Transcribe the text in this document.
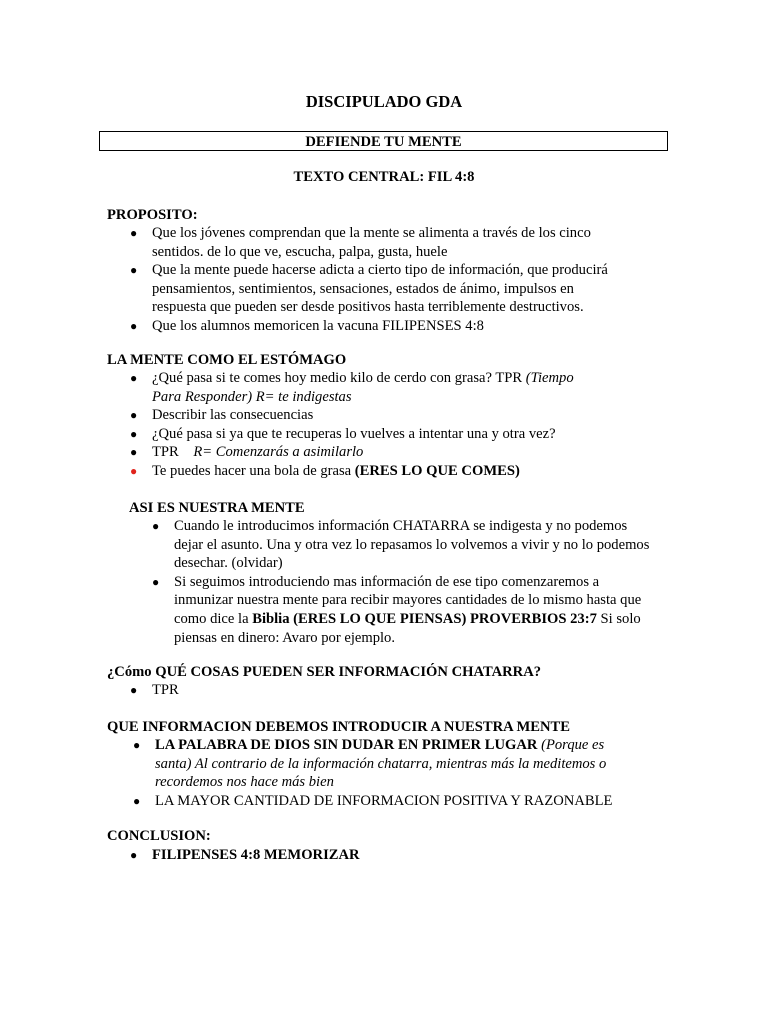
DISCIPULADO GDA
DEFIENDE TU MENTE
TEXTO CENTRAL: FIL 4:8
PROPOSITO:
● Que los jóvenes comprendan que la mente se alimenta a través de los cinco sentidos. de lo que ve, escucha, palpa, gusta, huele
● Que la mente puede hacerse adicta a cierto tipo de información, que producirá pensamientos, sentimientos, sensaciones, estados de ánimo, impulsos en respuesta que pueden ser desde positivos hasta terriblemente destructivos.
● Que los alumnos memoricen la vacuna FILIPENSES 4:8
LA MENTE COMO EL ESTÓMAGO
● ¿Qué pasa si te comes hoy medio kilo de cerdo con grasa? TPR (Tiempo Para Responder) R= te indigestas
● Describir las consecuencias
● ¿Qué pasa si ya que te recuperas lo vuelves a intentar una y otra vez?
● TPR    R= Comenzarás a asimilarlo
● Te puedes hacer una bola de grasa (ERES LO QUE COMES)
ASI ES NUESTRA MENTE
● Cuando le introducimos información CHATARRA se indigesta y no podemos dejar el asunto. Una y otra vez lo repasamos lo volvemos a vivir y no lo podemos desechar. (olvidar)
● Si seguimos introduciendo mas información de ese tipo comenzaremos a inmunizar nuestra mente para recibir mayores cantidades de lo mismo hasta que como dice la Biblia (ERES LO QUE PIENSAS) PROVERBIOS 23:7 Si solo piensas en dinero: Avaro por ejemplo.
¿Cómo QUÉ COSAS PUEDEN SER INFORMACIÓN CHATARRA?
● TPR
QUE INFORMACION DEBEMOS INTRODUCIR A NUESTRA MENTE
● LA PALABRA DE DIOS SIN DUDAR EN PRIMER LUGAR (Porque es santa) Al contrario de la información chatarra, mientras más la meditemos o recordemos nos hace más bien
● LA MAYOR CANTIDAD DE INFORMACION POSITIVA Y RAZONABLE
CONCLUSION:
● FILIPENSES 4:8 MEMORIZAR
